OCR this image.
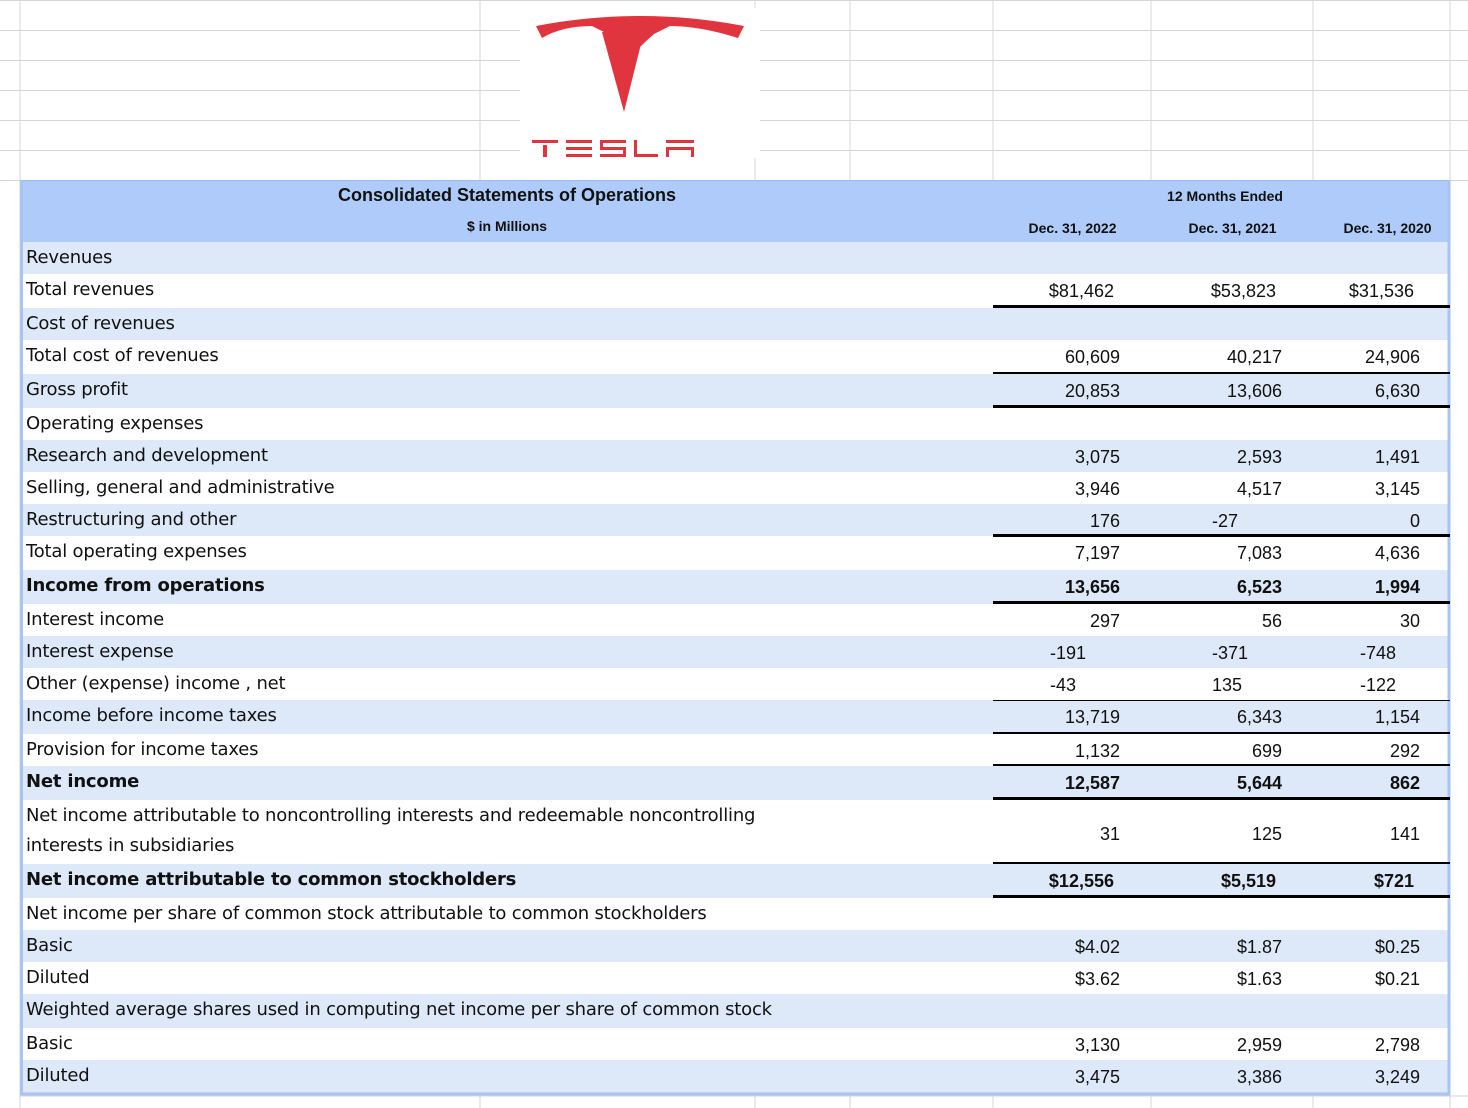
Consolidated Statements of Operations
$ in Millions
12 Months Ended
Dec. 31, 2022	Dec. 31, 2021	Dec. 31, 2020
Revenues
Total revenues	$81,462	$53,823	$31,536
Cost of revenues
Total cost of revenues	60,609	40,217	24,906
Gross profit	20,853	13,606	6,630
Operating expenses
Research and development	3,075	2,593	1,491
Selling, general and administrative	3,946	4,517	3,145
Restructuring and other	176	-27	0
Total operating expenses	7,197	7,083	4,636
Income from operations	13,656	6,523	1,994
Interest income	297	56	30
Interest expense	-191	-371	-748
Other (expense) income , net	-43	135	-122
Income before income taxes	13,719	6,343	1,154
Provision for income taxes	1,132	699	292
Net income	12,587	5,644	862
Net income attributable to noncontrolling interests and redeemable noncontrolling
interests in subsidiaries
31	125	141
Net income attributable to common stockholders	$12,556	$5,519	$721
Net income per share of common stock attributable to common stockholders
Basic	$4.02	$1.87	$0.25
Diluted	$3.62	$1.63	$0.21
Weighted average shares used in computing net income per share of common stock
Basic	3,130	2,959	2,798
Diluted	3,475	3,386	3,249
